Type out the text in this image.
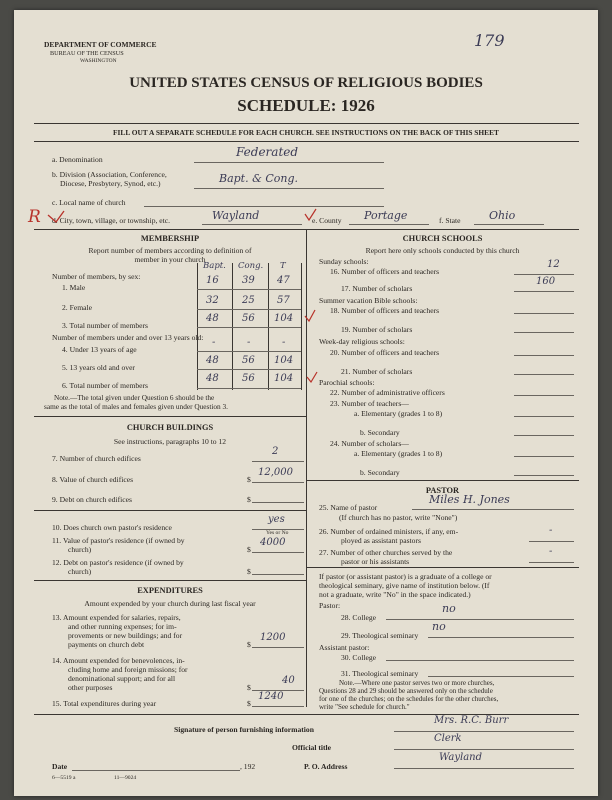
DEPARTMENT OF COMMERCE
BUREAU OF THE CENSUS
WASHINGTON
179
UNITED STATES CENSUS OF RELIGIOUS BODIES
SCHEDULE: 1926
FILL OUT A SEPARATE SCHEDULE FOR EACH CHURCH. SEE INSTRUCTIONS ON THE BACK OF THIS SHEET
a. Denomination
Federated
b. Division (Association, Conference,
Diocese, Presbytery, Synod, etc.)	Bapt. & Cong.
c. Local name of church
R d. City, town, village, or township, etc.	Wayland	e. County Portage	f. State	Ohio
MEMBERSHIP
Report number of members according to definition of
member in your church
Bapt. Cong. T
Number of members, by sex:
1. Male
16 39 47
2. Female
32 25 57
3. Total number of members
48 56 104
Number of members under and over 13 years old:
4. Under 13 years of age
-	-	-
5. 13 years old and over
48 56 104
6. Total number of members
48 56 104
Note.—The total given under Question 6 should be the
same as the total of males and females given under Question 3.
CHURCH BUILDINGS
See instructions, paragraphs 10 to 12
7. Number of church edifices
2
8. Value of church edifices	$
12,000
9. Debt on church edifices	$
10. Does church own pastor's residence
yes
Yes or No
11. Value of pastor's residence (if owned by
church)	$
4000
12. Debt on pastor's residence (if owned by
church)	$
EXPENDITURES
Amount expended by your church during last fiscal year
13. Amount expended for salaries, repairs,
and other running expenses; for im-
provements or new buildings; and for
payments on church debt	$
1200
14. Amount expended for benevolences, in-
cluding home and foreign missions; for
denominational support; and for all
other purposes	$
40
15. Total expenditures during year	$
1240
CHURCH SCHOOLS
Report here only schools conducted by this church
Sunday schools:
16. Number of officers and teachers
12
17. Number of scholars
160
Summer vacation Bible schools:
18. Number of officers and teachers
19. Number of scholars
Week-day religious schools:
20. Number of officers and teachers
21. Number of scholars
Parochial schools:
22. Number of administrative officers
23. Number of teachers—
a. Elementary (grades 1 to 8)
b. Secondary
24. Number of scholars—
a. Elementary (grades 1 to 8)
b. Secondary
PASTOR
25. Name of pastor
Miles H. Jones
(If church has no pastor, write "None")
26. Number of ordained ministers, if any, em-
ployed as assistant pastors
-
27. Number of other churches served by the
pastor or his assistants
-
If pastor (or assistant pastor) is a graduate of a college or
theological seminary, give name of institution below. (If
not a graduate, write "No" in the space indicated.)
Pastor:
28. College
no
29. Theological seminary
no
Assistant pastor:
30. College
31. Theological seminary
Note.—Where one pastor serves two or more churches,
Questions 28 and 29 should be answered only on the schedule
for one of the churches; on the schedules for the other churches,
write "See schedule for church."
Signature of person furnishing information
Mrs. R.C. Burr
Official title
Clerk
Date	, 192	P. O. Address
Wayland
6—5519 a	11—9024
